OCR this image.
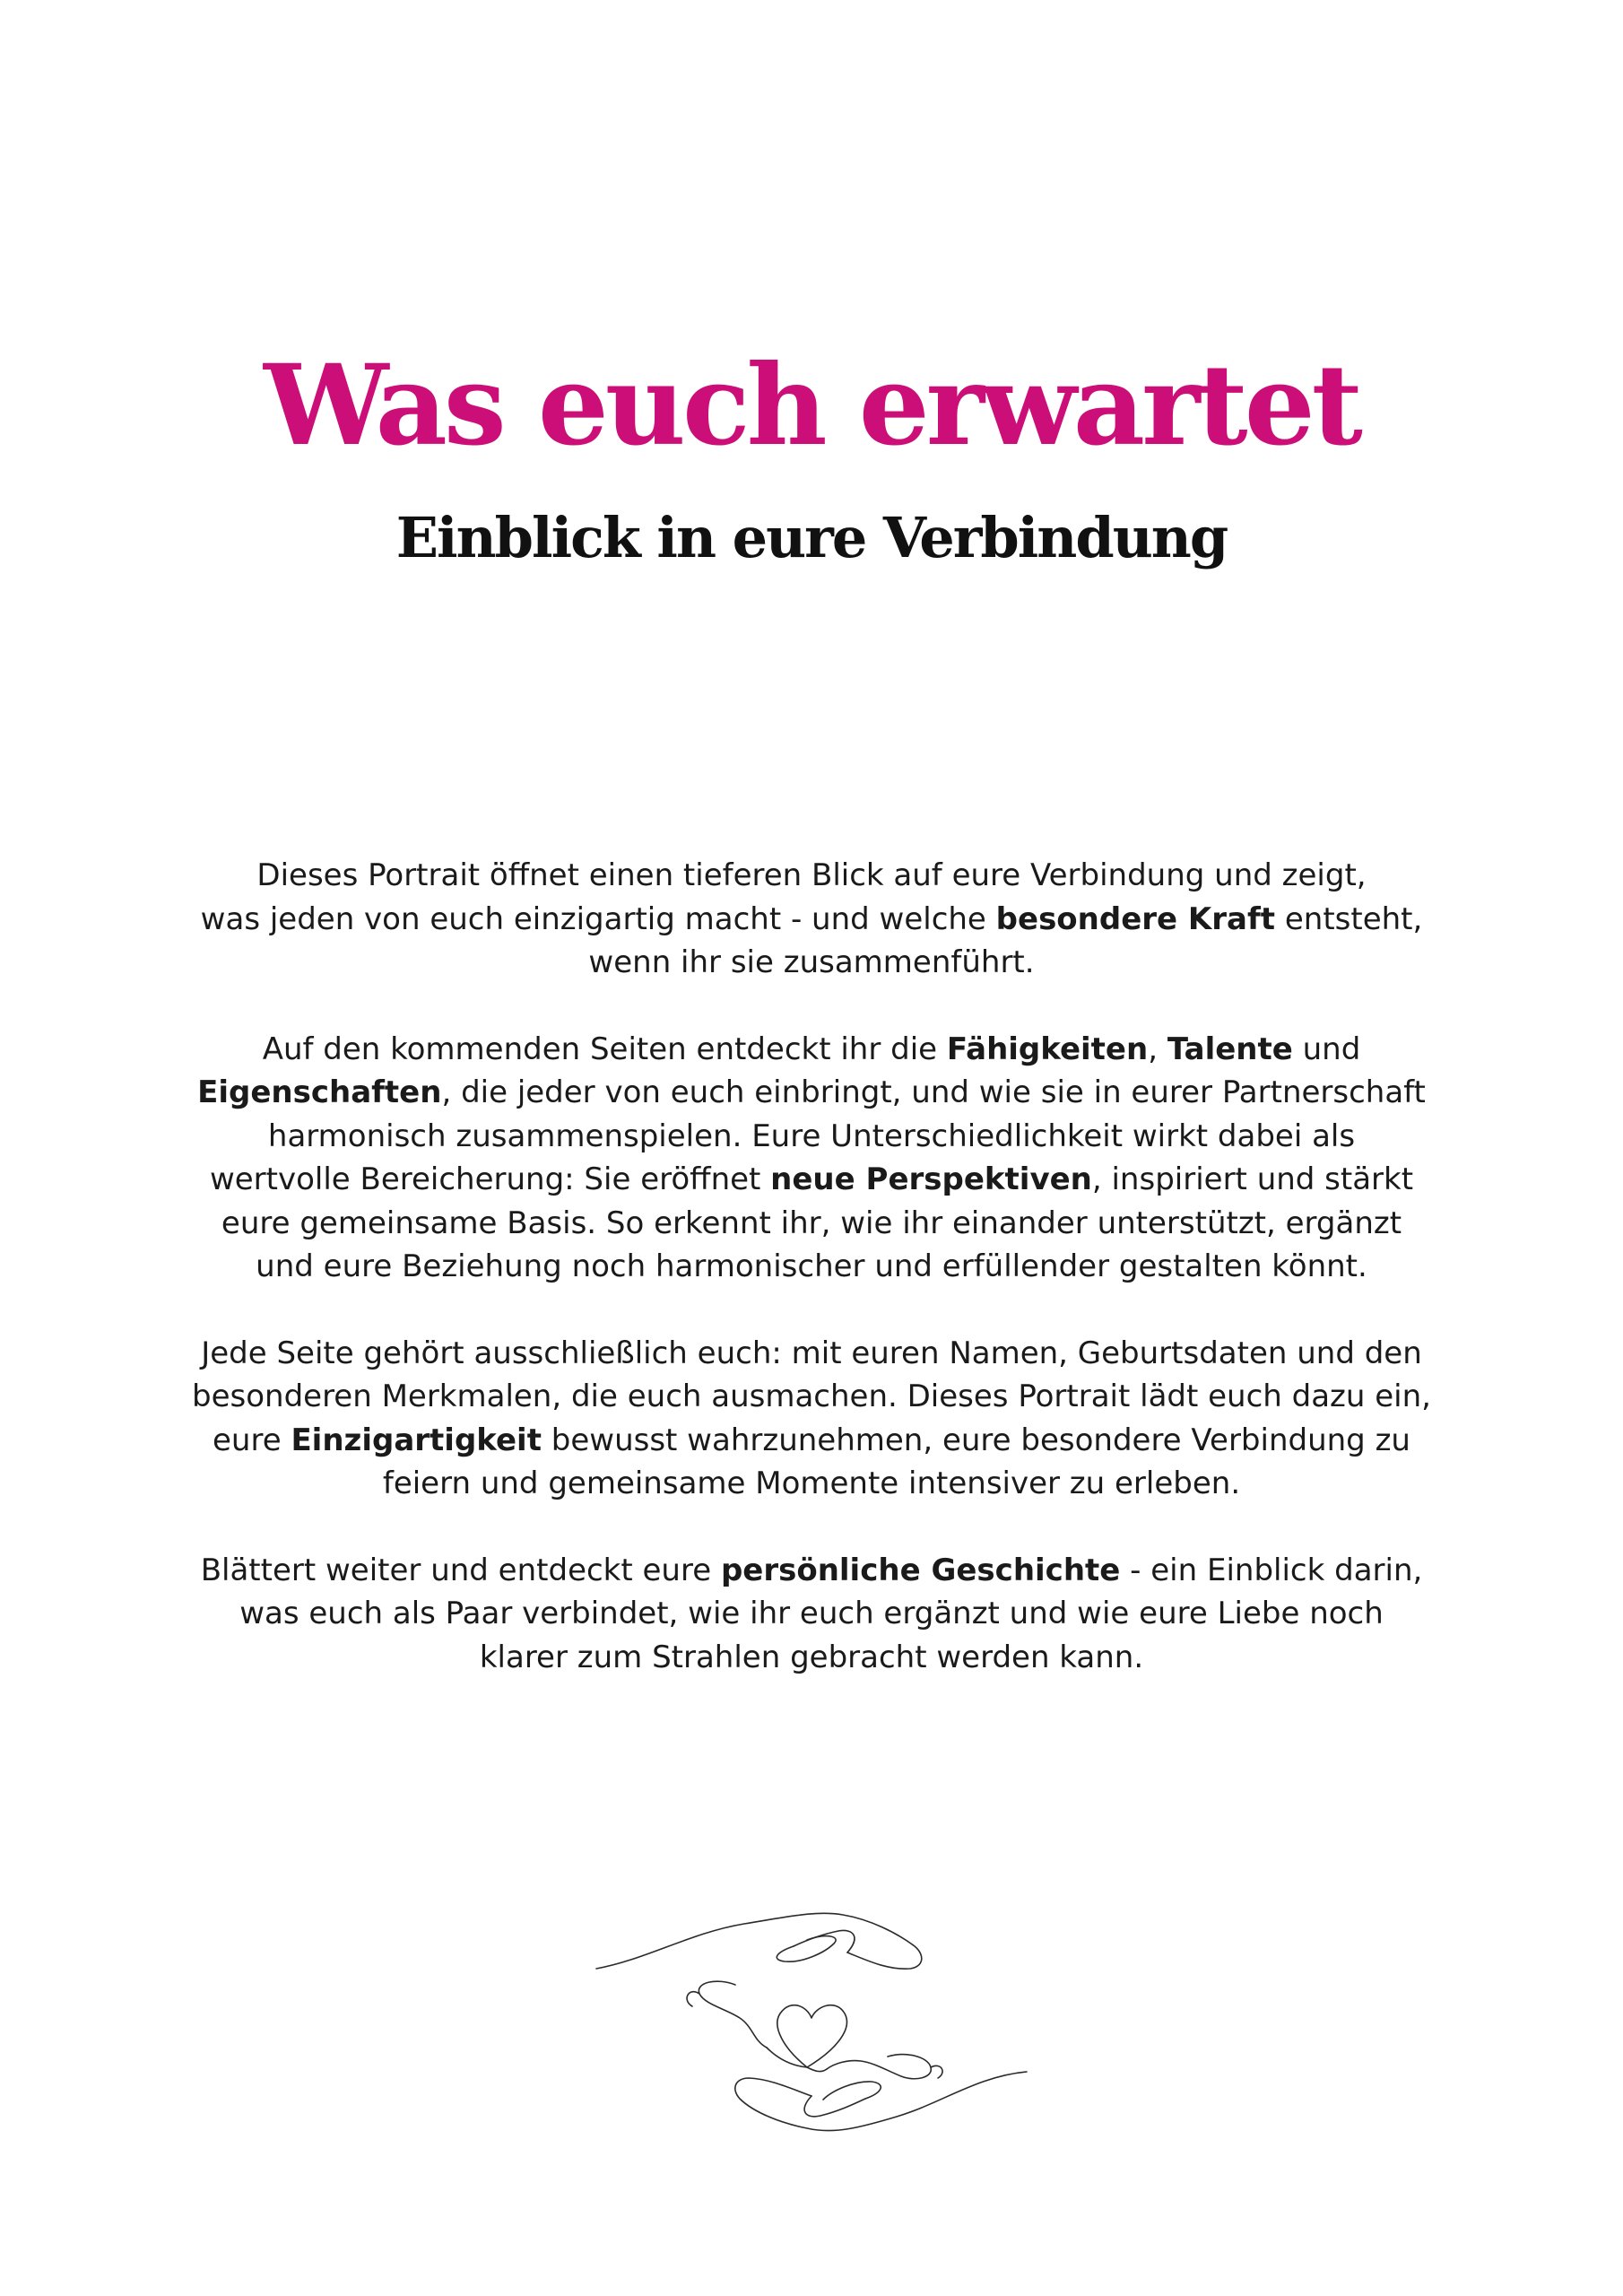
Was euch erwartet
Einblick in eure Verbindung

Dieses Portrait öffnet einen tieferen Blick auf eure Verbindung und zeigt,
was jeden von euch einzigartig macht - und welche besondere Kraft entsteht,
wenn ihr sie zusammenführt.

Auf den kommenden Seiten entdeckt ihr die Fähigkeiten, Talente und
Eigenschaften, die jeder von euch einbringt, und wie sie in eurer Partnerschaft
harmonisch zusammenspielen. Eure Unterschiedlichkeit wirkt dabei als
wertvolle Bereicherung: Sie eröffnet neue Perspektiven, inspiriert und stärkt
eure gemeinsame Basis. So erkennt ihr, wie ihr einander unterstützt, ergänzt
und eure Beziehung noch harmonischer und erfüllender gestalten könnt.

Jede Seite gehört ausschließlich euch: mit euren Namen, Geburtsdaten und den
besonderen Merkmalen, die euch ausmachen. Dieses Portrait lädt euch dazu ein,
eure Einzigartigkeit bewusst wahrzunehmen, eure besondere Verbindung zu
feiern und gemeinsame Momente intensiver zu erleben.

Blättert weiter und entdeckt eure persönliche Geschichte - ein Einblick darin,
was euch als Paar verbindet, wie ihr euch ergänzt und wie eure Liebe noch
klarer zum Strahlen gebracht werden kann.
